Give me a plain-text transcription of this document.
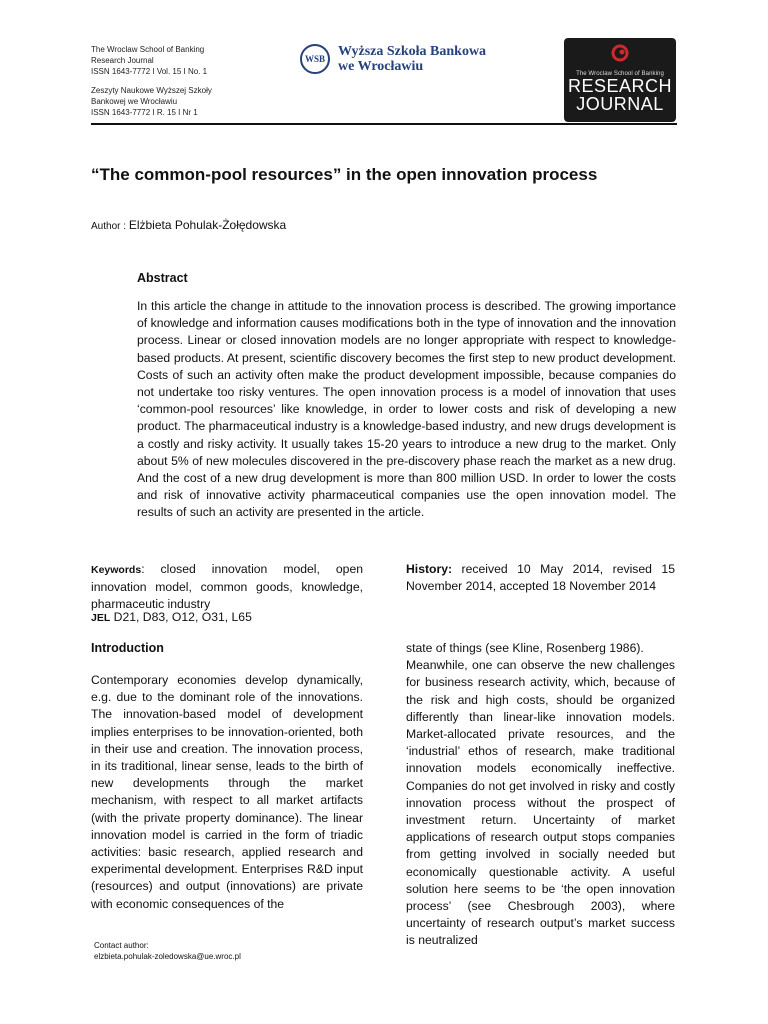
The Wroclaw School of Banking
Research Journal
ISSN 1643-7772 I Vol. 15 I No. 1
Zeszyty Naukowe Wyższej Szkoły
Bankowej we Wrocławiu
ISSN 1643-7772 I R. 15 I Nr 1
WSB Wyższa Szkoła Bankowa
we Wrocławiu	The Wroclaw School of Banking
RESEARCH
JOURNAL
“The common-pool resources” in the open innovation process
Author : Elżbieta Pohulak-Żołędowska
Abstract
In this article the change in attitude to the innovation process is described. The growing importance of knowledge and information causes modifications both in the type of innovation and the innovation process. Linear or closed innovation models are no longer appropriate with respect to knowledge-based products. At present, scientific discovery becomes the first step to new product development. Costs of such an activity often make the product development impossible, because companies do not undertake too risky ventures. The open innovation process is a model of innovation that uses ‘common-pool resources’ like knowledge, in order to lower costs and risk of developing a new product. The pharmaceutical industry is a knowledge-based industry, and new drugs development is a costly and risky activity. It usually takes 15-20 years to introduce a new drug to the market. Only about 5% of new molecules discovered in the pre-discovery phase reach the market as a new drug. And the cost of a new drug development is more than 800 million USD. In order to lower the costs and risk of innovative activity pharmaceutical companies use the open innovation model. The results of such an activity are presented in the article.
Keywords: closed innovation model, open innovation model, common goods, knowledge, pharmaceutic industry
JEL D21, D83, O12, O31, L65
History: received 10 May 2014, revised 15 November 2014, accepted 18 November 2014
Introduction
Contemporary economies develop dynamically, e.g. due to the dominant role of the innovations. The innovation-based model of development implies enterprises to be innovation-oriented, both in their use and creation. The innovation process, in its traditional, linear sense, leads to the birth of new developments through the market mechanism, with respect to all market artifacts (with the private property dominance). The linear innovation model is carried in the form of triadic activities: basic research, applied research and experimental development. Enterprises R&D input (resources) and output (innovations) are private with economic consequences of the
state of things (see Kline, Rosenberg 1986).
Meanwhile, one can observe the new challenges for business research activity, which, because of the risk and high costs, should be organized differently than linear-like innovation models. Market-allocated private resources, and the ‘industrial’ ethos of research, make traditional innovation models economically ineffective. Companies do not get involved in risky and costly innovation process without the prospect of investment return. Uncertainty of market applications of research output stops companies from getting involved in socially needed but economically questionable activity. A useful solution here seems to be ‘the open innovation process’ (see Chesbrough 2003), where uncertainty of research output’s market success is neutralized
Contact author:
elzbieta.pohulak-zoledowska@ue.wroc.pl
